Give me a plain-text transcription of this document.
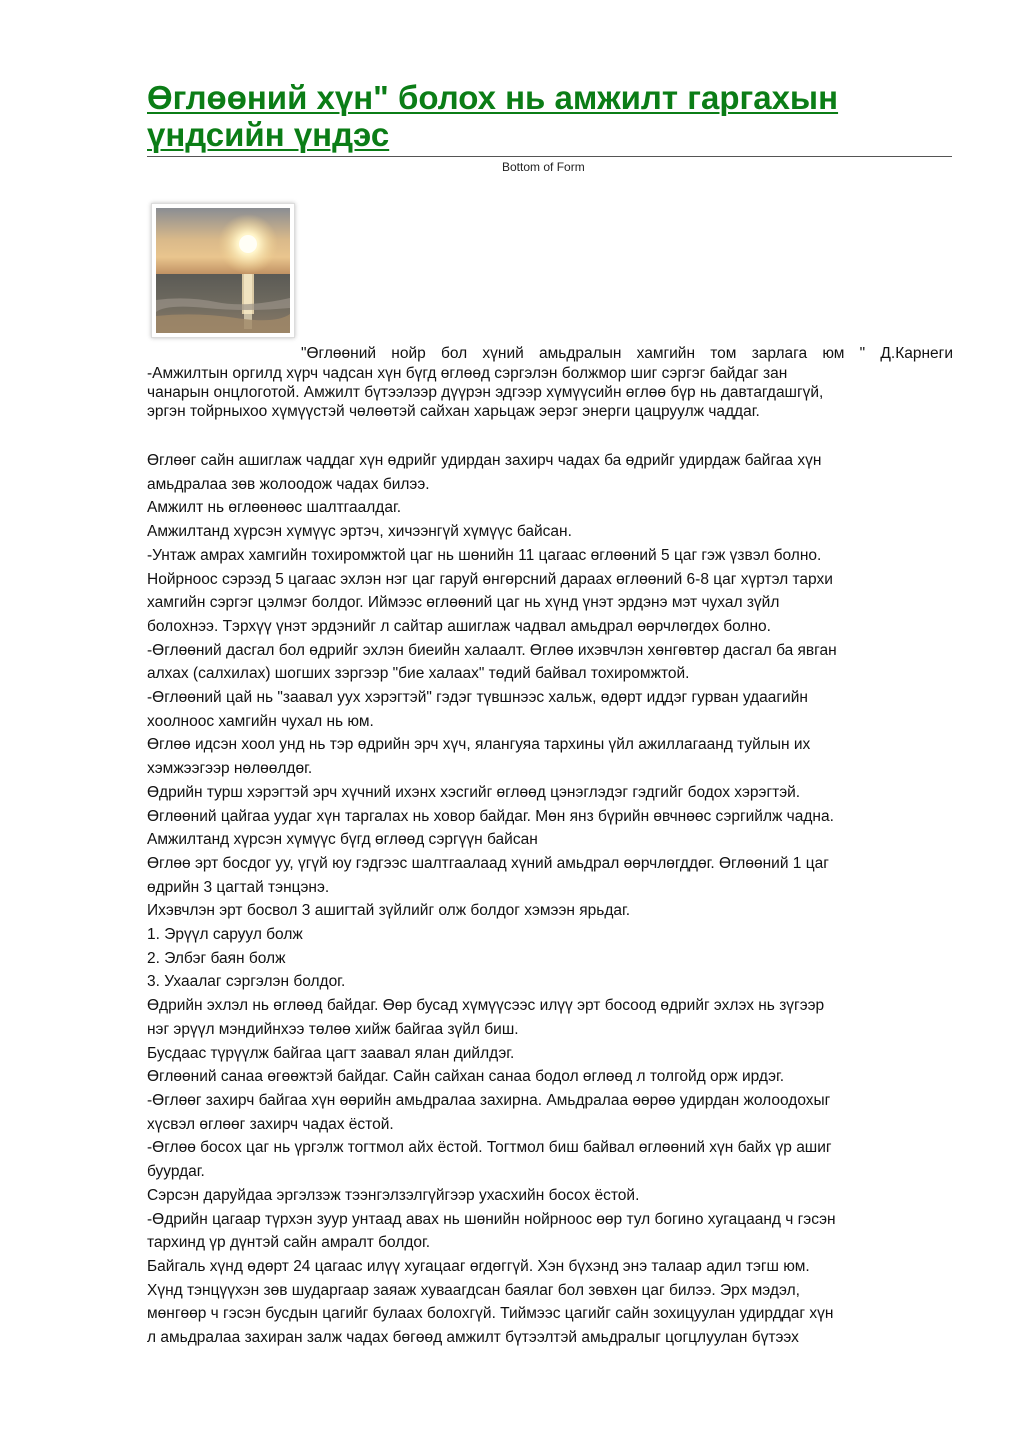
Өглөөний хүн" болох нь амжилт гаргахын үндсийн үндэс
Bottom of Form
"Өглөөний нойр бол хүний амьдралын хамгийн том зарлага юм " Д.Карнеги
-Амжилтын оргилд хүрч чадсан хүн бүгд өглөөд сэргэлэн болжмор шиг сэргэг байдаг зан
чанарын онцлоготой. Амжилт бүтээлээр дүүрэн эдгээр хүмүүсийн өглөө бүр нь давтагдашгүй,
эргэн тойрныхоо хүмүүстэй чөлөөтэй сайхан харьцаж эерэг энерги цацруулж чаддаг.
Өглөөг сайн ашиглаж чаддаг хүн өдрийг удирдан захирч чадах ба өдрийг удирдаж байгаа хүн
амьдралаа зөв жолоодож чадах билээ.
Амжилт нь өглөөнөөс шалтгаалдаг.
Амжилтанд хүрсэн хүмүүс эртэч, хичээнгүй хүмүүс байсан.
-Унтаж амрах хамгийн тохиромжтой цаг нь шөнийн 11 цагаас өглөөний 5 цаг гэж үзвэл болно.
Нойрноос сэрээд 5 цагаас эхлэн нэг цаг гаруй өнгөрсний дараах өглөөний 6-8 цаг хүртэл тархи
хамгийн сэргэг цэлмэг болдог. Иймээс өглөөний цаг нь хүнд үнэт эрдэнэ мэт чухал зүйл
болохнээ. Тэрхүү үнэт эрдэнийг л сайтар ашиглаж чадвал амьдрал өөрчлөгдөх болно.
-Өглөөний дасгал бол өдрийг эхлэн биеийн халаалт. Өглөө ихэвчлэн хөнгөвтөр дасгал ба явган
алхах (салхилах) шогших зэргээр "бие халаах" төдий байвал тохиромжтой.
-Өглөөний цай нь "заавал уух хэрэгтэй" гэдэг түвшнээс хальж, өдөрт иддэг гурван удаагийн
хоолноос хамгийн чухал нь юм.
Өглөө идсэн хоол унд нь тэр өдрийн эрч хүч, ялангуяа тархины үйл ажиллагаанд туйлын их
хэмжээгээр нөлөөлдөг.
Өдрийн турш хэрэгтэй эрч хүчний ихэнх хэсгийг өглөөд цэнэглэдэг гэдгийг бодох хэрэгтэй.
Өглөөний цайгаа уудаг хүн таргалах нь ховор байдаг. Мөн янз бүрийн өвчнөөс сэргийлж чадна.
Амжилтанд хүрсэн хүмүүс бүгд өглөөд сэргүүн байсан
Өглөө эрт босдог уу, үгүй юу гэдгээс шалтгаалаад хүний амьдрал өөрчлөгддөг. Өглөөний 1 цаг
өдрийн 3 цагтай тэнцэнэ.
Ихэвчлэн эрт босвол 3 ашигтай зүйлийг олж болдог хэмээн ярьдаг.
1. Эрүүл саруул болж
2. Элбэг баян болж
3. Ухаалаг сэргэлэн болдог.
Өдрийн эхлэл нь өглөөд байдаг. Өөр бусад хүмүүсээс илүү эрт босоод өдрийг эхлэх нь зүгээр
нэг эрүүл мэндийнхээ төлөө хийж байгаа зүйл биш.
Бусдаас түрүүлж байгаа цагт заавал ялан дийлдэг.
Өглөөний санаа өгөөжтэй байдаг. Сайн сайхан санаа бодол өглөөд л толгойд орж ирдэг.
-Өглөөг захирч байгаа хүн өөрийн амьдралаа захирна. Амьдралаа өөрөө удирдан жолоодохыг
хүсвэл өглөөг захирч чадах ёстой.
-Өглөө босох цаг нь үргэлж тогтмол айх ёстой. Тогтмол биш байвал өглөөний хүн байх үр ашиг
буурдаг.
Сэрсэн даруйдаа эргэлзэж тээнгэлзэлгүйгээр ухасхийн босох ёстой.
-Өдрийн цагаар түрхэн зуур унтаад авах нь шөнийн нойрноос өөр тул богино хугацаанд ч гэсэн
тархинд үр дүнтэй сайн амралт болдог.
Байгаль хүнд өдөрт 24 цагаас илүү хугацааг өгдөггүй. Хэн бүхэнд энэ талаар адил тэгш юм.
Хүнд тэнцүүхэн зөв шударгаар заяаж хуваагдсан баялаг бол зөвхөн цаг билээ. Эрх мэдэл,
мөнгөөр ч гэсэн бусдын цагийг булаах болохгүй. Тиймээс цагийг сайн зохицуулан удирддаг хүн
л амьдралаа захиран залж чадах бөгөөд амжилт бүтээлтэй амьдралыг цогцлуулан бүтээх
